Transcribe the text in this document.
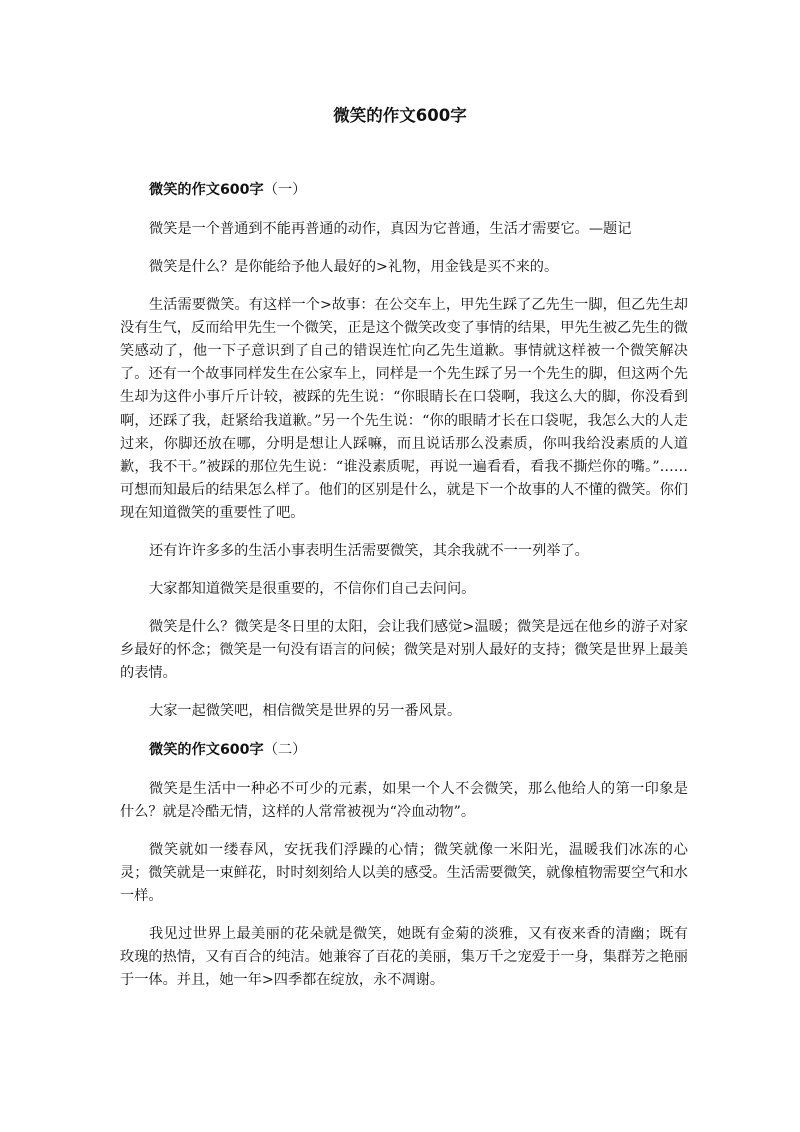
微笑的作文600字
微笑的作文600字（一）

微笑是一个普通到不能再普通的动作，真因为它普通，生活才需要它。—题记

微笑是什么？是你能给予他人最好的>礼物，用金钱是买不来的。

生活需要微笑。有这样一个>故事：在公交车上，甲先生踩了乙先生一脚，但乙先生却没有生气，反而给甲先生一个微笑，正是这个微笑改变了事情的结果，甲先生被乙先生的微笑感动了，他一下子意识到了自己的错误连忙向乙先生道歉。事情就这样被一个微笑解决了。还有一个故事同样发生在公家车上，同样是一个先生踩了另一个先生的脚，但这两个先生却为这件小事斤斤计较，被踩的先生说：“你眼睛长在口袋啊，我这么大的脚，你没看到啊，还踩了我，赶紧给我道歉。”另一个先生说：“你的眼睛才长在口袋呢，我怎么大的人走过来，你脚还放在哪，分明是想让人踩嘛，而且说话那么没素质，你叫我给没素质的人道歉，我不干。”被踩的那位先生说：“谁没素质呢，再说一遍看看，看我不撕烂你的嘴。”……可想而知最后的结果怎么样了。他们的区别是什么，就是下一个故事的人不懂的微笑。你们现在知道微笑的重要性了吧。

还有许许多多的生活小事表明生活需要微笑，其余我就不一一列举了。

大家都知道微笑是很重要的，不信你们自己去问问。

微笑是什么？微笑是冬日里的太阳，会让我们感觉>温暖；微笑是远在他乡的游子对家乡最好的怀念；微笑是一句没有语言的问候；微笑是对别人最好的支持；微笑是世界上最美的表情。

大家一起微笑吧，相信微笑是世界的另一番风景。

微笑的作文600字（二）

微笑是生活中一种必不可少的元素，如果一个人不会微笑，那么他给人的第一印象是什么？就是冷酷无情，这样的人常常被视为“冷血动物”。

微笑就如一缕春风，安抚我们浮躁的心情；微笑就像一米阳光，温暖我们冰冻的心灵；微笑就是一束鲜花，时时刻刻给人以美的感受。生活需要微笑，就像植物需要空气和水一样。

我见过世界上最美丽的花朵就是微笑，她既有金菊的淡雅，又有夜来香的清幽；既有玫瑰的热情，又有百合的纯洁。她兼容了百花的美丽，集万千之宠爱于一身，集群芳之艳丽于一体。并且，她一年>四季都在绽放，永不凋谢。
